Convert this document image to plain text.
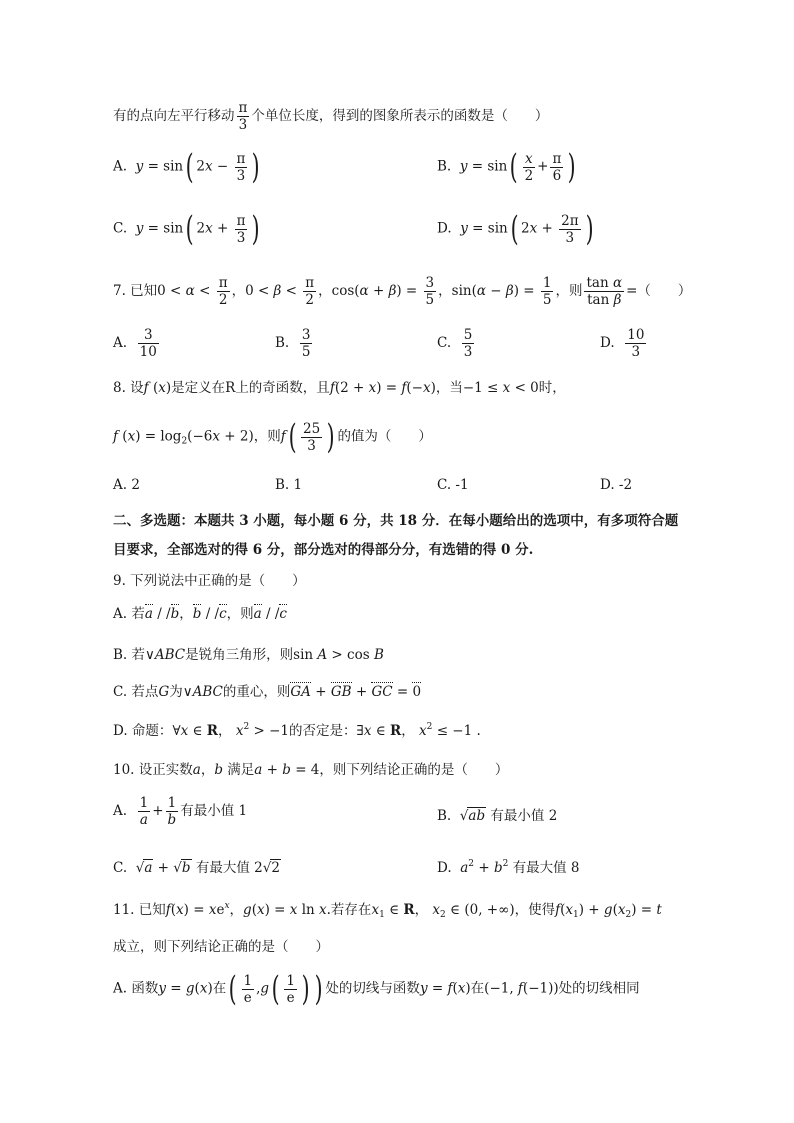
有的点向左平行移动 $\frac{\pi}{3}$ 个单位长度，得到的图象所表示的函数是（　　）
A. y = sin( $2x - \frac{\pi}{3}$ )	B. $y = \sin( \frac{x}{2} + \frac{\pi}{6}$ )
C. y = sin( $2x + \frac{\pi}{3}$ )	D. y = sin( $2x + \frac{2\pi}{3}$ )
7. 已知$0 < \alpha < \frac{\pi}{2}$ ，$0 < \beta < \frac{\pi}{2}$ ，$\cos(\alpha + \beta) = \frac{3}{5}$ ，$\sin(\alpha - \beta) = \frac{1}{5}$ ，则 $\frac{\text{tan α}}{\text{tan β}}$ =（　　）
A. $\frac{3}{10}$	B. $\frac{3}{5}$	C. $\frac{5}{3}$	D. $\frac{10}{3}$
8. 设f (x)是定义在R上的奇函数，且f(2 + x) = f(−x)，当−1 ≤ x < 0时，
f $(x) = \log_2(-6x + 2)$，则$f( \frac{25}{3}$ ) 的值为（　　）
A. 2	B. 1	C. -1	D. -2
二、多选题：本题共 3 小题，每小题 6 分，共 18 分．在每小题给出的选项中，有多项符合题
目要求，全部选对的得 6 分，部分选对的得部分分，有选错的得 0 分.
9. 下列说法中正确的是（　　）
A. 若a / /b，b / /c，则a / /c
B. 若∨ABC是锐角三角形，则sin A > cos B
C. 若点G为∨ABC的重心，则GA + GB + GC = 0
D. 命题：∀x ∈ R， $x^2 > -1$的否定是：∃x ∈ R， $x^2 \le -1$ .
10. 设正实数a，b 满足a + b = 4，则下列结论正确的是（　　）
A. $\frac{1}{a} + \frac{1}{b}$ 有最小值 1	B.  √ab 有最小值 2
C.  √a + √b 有最大值 2√2	D. $a^2 + b^2$ 有最大值 8
11. 已知$f(x) = xe^x$，g(x) = x ln x.若存在$x_1$ ∈ R， $x_2$ ∈ (0, +∞)，使得$f(x_1) + g(x_2) = t$
成立，则下列结论正确的是（　　）
A. 函数y = g(x)在( $\frac{1}{e} ,g( \frac{1}{e}$ ) ) 处的切线与函数y = f(x)在(−1, f(−1))处的切线相同
